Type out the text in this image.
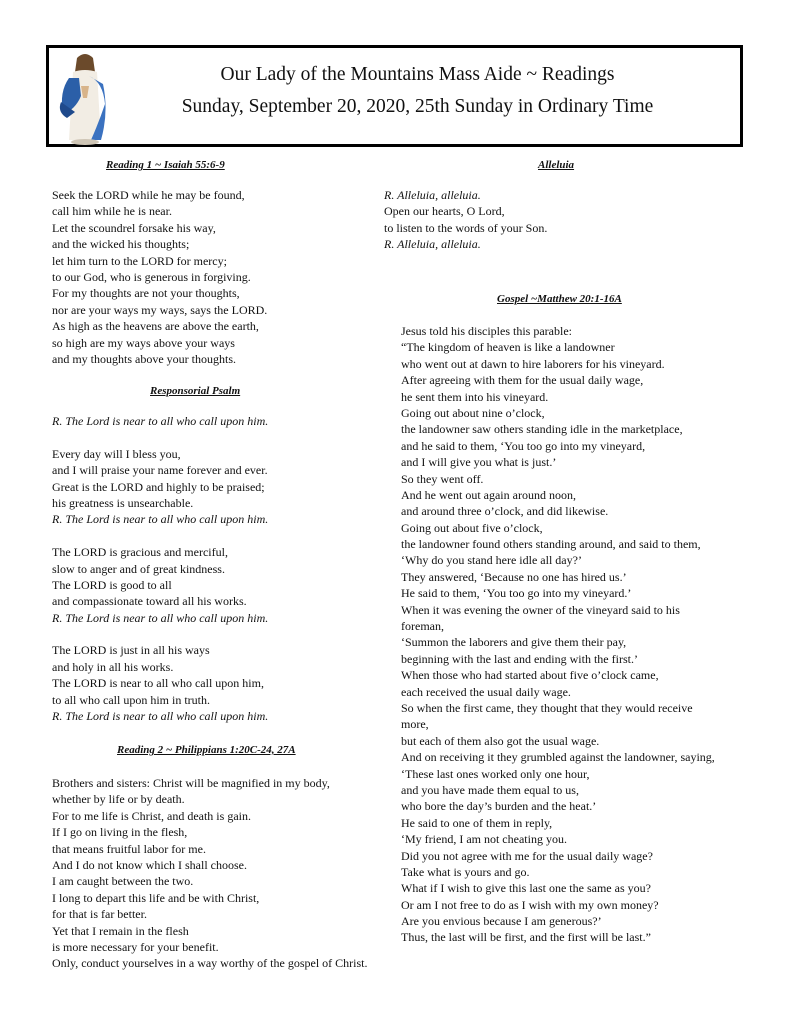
Our Lady of the Mountains Mass Aide ~ Readings
Sunday, September 20, 2020, 25th Sunday in Ordinary Time
Reading 1 ~ Isaiah 55:6-9
Seek the LORD while he may be found,
call him while he is near.
Let the scoundrel forsake his way,
and the wicked his thoughts;
let him turn to the LORD for mercy;
to our God, who is generous in forgiving.
For my thoughts are not your thoughts,
nor are your ways my ways, says the LORD.
As high as the heavens are above the earth,
so high are my ways above your ways
and my thoughts above your thoughts.
Responsorial Psalm
R. The Lord is near to all who call upon him.
Every day will I bless you,
and I will praise your name forever and ever.
Great is the LORD and highly to be praised;
his greatness is unsearchable.
R. The Lord is near to all who call upon him.
The LORD is gracious and merciful,
slow to anger and of great kindness.
The LORD is good to all
and compassionate toward all his works.
R. The Lord is near to all who call upon him.
The LORD is just in all his ways
and holy in all his works.
The LORD is near to all who call upon him,
to all who call upon him in truth.
R. The Lord is near to all who call upon him.
Reading 2 ~ Philippians 1:20C-24, 27A
Brothers and sisters: Christ will be magnified in my body,
whether by life or by death.
For to me life is Christ, and death is gain.
If I go on living in the flesh,
that means fruitful labor for me.
And I do not know which I shall choose.
I am caught between the two.
I long to depart this life and be with Christ,
for that is far better.
Yet that I remain in the flesh
is more necessary for your benefit.
Only, conduct yourselves in a way worthy of the gospel of Christ.
Alleluia
R. Alleluia, alleluia.
Open our hearts, O Lord,
to listen to the words of your Son.
R. Alleluia, alleluia.
Gospel ~Matthew 20:1-16A
Jesus told his disciples this parable:
“The kingdom of heaven is like a landowner
who went out at dawn to hire laborers for his vineyard.
After agreeing with them for the usual daily wage,
he sent them into his vineyard.
Going out about nine o’clock,
the landowner saw others standing idle in the marketplace,
and he said to them, ‘You too go into my vineyard,
and I will give you what is just.’
So they went off.
And he went out again around noon,
and around three o’clock, and did likewise.
Going out about five o’clock,
the landowner found others standing around, and said to them,
‘Why do you stand here idle all day?’
They answered, ‘Because no one has hired us.’
He said to them, ‘You too go into my vineyard.’
When it was evening the owner of the vineyard said to his
foreman,
‘Summon the laborers and give them their pay,
beginning with the last and ending with the first.’
When those who had started about five o’clock came,
each received the usual daily wage.
So when the first came, they thought that they would receive
more,
but each of them also got the usual wage.
And on receiving it they grumbled against the landowner, saying,
‘These last ones worked only one hour,
and you have made them equal to us,
who bore the day’s burden and the heat.’
He said to one of them in reply,
‘My friend, I am not cheating you.
Did you not agree with me for the usual daily wage?
Take what is yours and go.
What if I wish to give this last one the same as you?
Or am I not free to do as I wish with my own money?
Are you envious because I am generous?’
Thus, the last will be first, and the first will be last.”
